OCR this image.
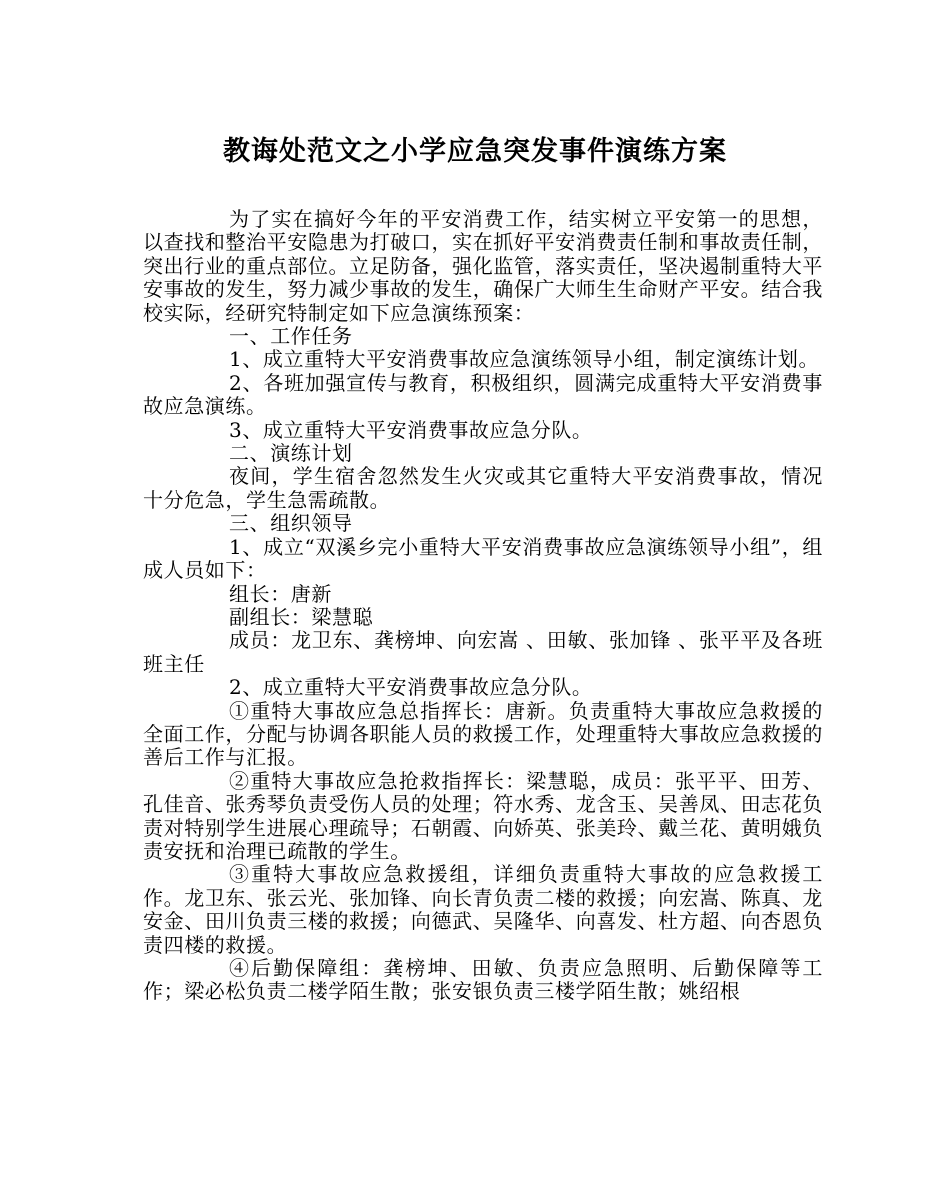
教诲处范文之小学应急突发事件演练方案

为了实在搞好今年的平安消费工作，结实树立平安第一的思想，以查找和整治平安隐患为打破口，实在抓好平安消费责任制和事故责任制，突出行业的重点部位。立足防备，强化监管，落实责任，坚决遏制重特大平安事故的发生，努力减少事故的发生，确保广大师生生命财产平安。结合我校实际，经研究特制定如下应急演练预案：

一、工作任务

1、成立重特大平安消费事故应急演练领导小组，制定演练计划。

2、各班加强宣传与教育，积极组织，圆满完成重特大平安消费事故应急演练。

3、成立重特大平安消费事故应急分队。

二、演练计划

夜间，学生宿舍忽然发生火灾或其它重特大平安消费事故，情况十分危急，学生急需疏散。

三、组织领导

1、成立“双溪乡完小重特大平安消费事故应急演练领导小组”，组成人员如下：

组长：唐新

副组长：梁慧聪

成员：龙卫东、龚榜坤、向宏嵩 、田敏、张加锋 、张平平及各班班主任

2、成立重特大平安消费事故应急分队。

①重特大事故应急总指挥长：唐新。负责重特大事故应急救援的全面工作，分配与协调各职能人员的救援工作，处理重特大事故应急救援的善后工作与汇报。

②重特大事故应急抢救指挥长：梁慧聪，成员：张平平、田芳、孔佳音、张秀琴负责受伤人员的处理；符水秀、龙含玉、吴善凤、田志花负责对特别学生进展心理疏导；石朝霞、向娇英、张美玲、戴兰花、黄明娥负责安抚和治理已疏散的学生。

③重特大事故应急救援组，详细负责重特大事故的应急救援工作。龙卫东、张云光、张加锋、向长青负责二楼的救援；向宏嵩、陈真、龙安金、田川负责三楼的救援；向德武、吴隆华、向喜发、杜方超、向杏恩负责四楼的救援。

④后勤保障组：龚榜坤、田敏、负责应急照明、后勤保障等工作；梁必松负责二楼学陌生散；张安银负责三楼学陌生散；姚绍根
